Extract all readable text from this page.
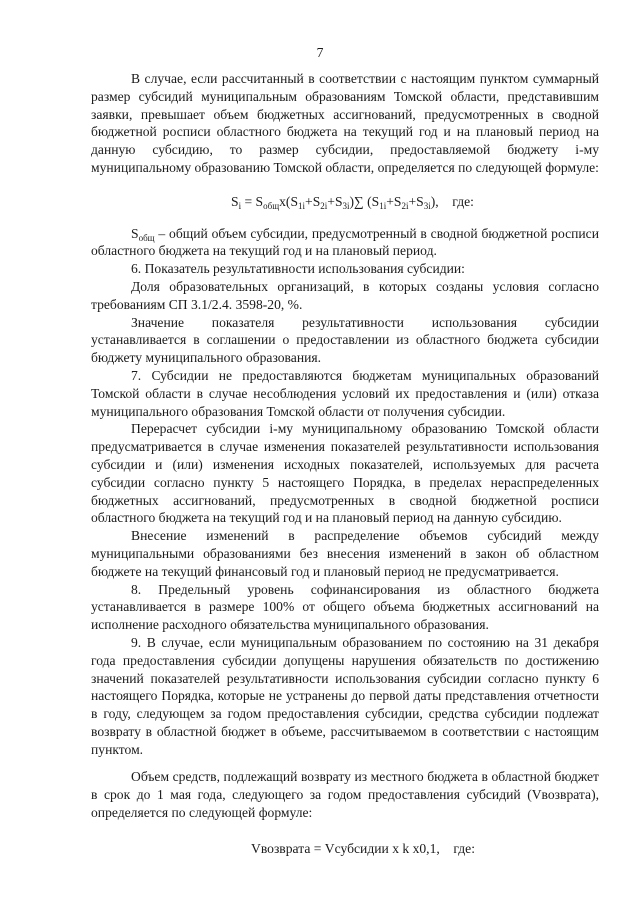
7

В случае, если рассчитанный в соответствии с настоящим пунктом суммарный размер субсидий муниципальным образованиям Томской области, представившим заявки, превышает объем бюджетных ассигнований, предусмотренных в сводной бюджетной росписи областного бюджета на текущий год и на плановый период на данную субсидию, то размер субсидии, предоставляемой бюджету i-му муниципальному образованию Томской области, определяется по следующей формуле:

$S_i = S_{общ}х(S_{1i}+S_{2i}+S_{3i})\sum$ $(S_{1i}+S_{2i}+S_{3i})$,    где:

$S_{общ}$ – общий объем субсидии, предусмотренный в сводной бюджетной росписи областного бюджета на текущий год и на плановый период.

6. Показатель результативности использования субсидии:

Доля образовательных организаций, в которых созданы условия согласно требованиям СП 3.1/2.4. 3598-20, %.

Значение показателя результативности использования субсидии устанавливается в соглашении о предоставлении из областного бюджета субсидии бюджету муниципального образования.

7. Субсидии не предоставляются бюджетам муниципальных образований Томской области в случае несоблюдения условий их предоставления и (или) отказа муниципального образования Томской области от получения субсидии.

Перерасчет субсидии i-му муниципальному образованию Томской области предусматривается в случае изменения показателей результативности использования субсидии и (или) изменения исходных показателей, используемых для расчета субсидии согласно пункту 5 настоящего Порядка, в пределах нераспределенных бюджетных ассигнований, предусмотренных в сводной бюджетной росписи областного бюджета на текущий год и на плановый период на данную субсидию.

Внесение изменений в распределение объемов субсидий между муниципальными образованиями без внесения изменений в закон об областном бюджете на текущий финансовый год и плановый период не предусматривается.

8. Предельный уровень софинансирования из областного бюджета устанавливается в размере 100% от общего объема бюджетных ассигнований на исполнение расходного обязательства муниципального образования.

9. В случае, если муниципальным образованием по состоянию на 31 декабря года предоставления субсидии допущены нарушения обязательств по достижению значений показателей результативности использования субсидии согласно пункту 6 настоящего Порядка, которые не устранены до первой даты представления отчетности в году, следующем за годом предоставления субсидии, средства субсидии подлежат возврату в областной бюджет в объеме, рассчитываемом в соответствии с настоящим пунктом.

Объем средств, подлежащий возврату из местного бюджета в областной бюджет в срок до 1 мая года, следующего за годом предоставления субсидий (Vвозврата), определяется по следующей формуле:

Vвозврата = Vсубсидии х k х0,1,    где:
